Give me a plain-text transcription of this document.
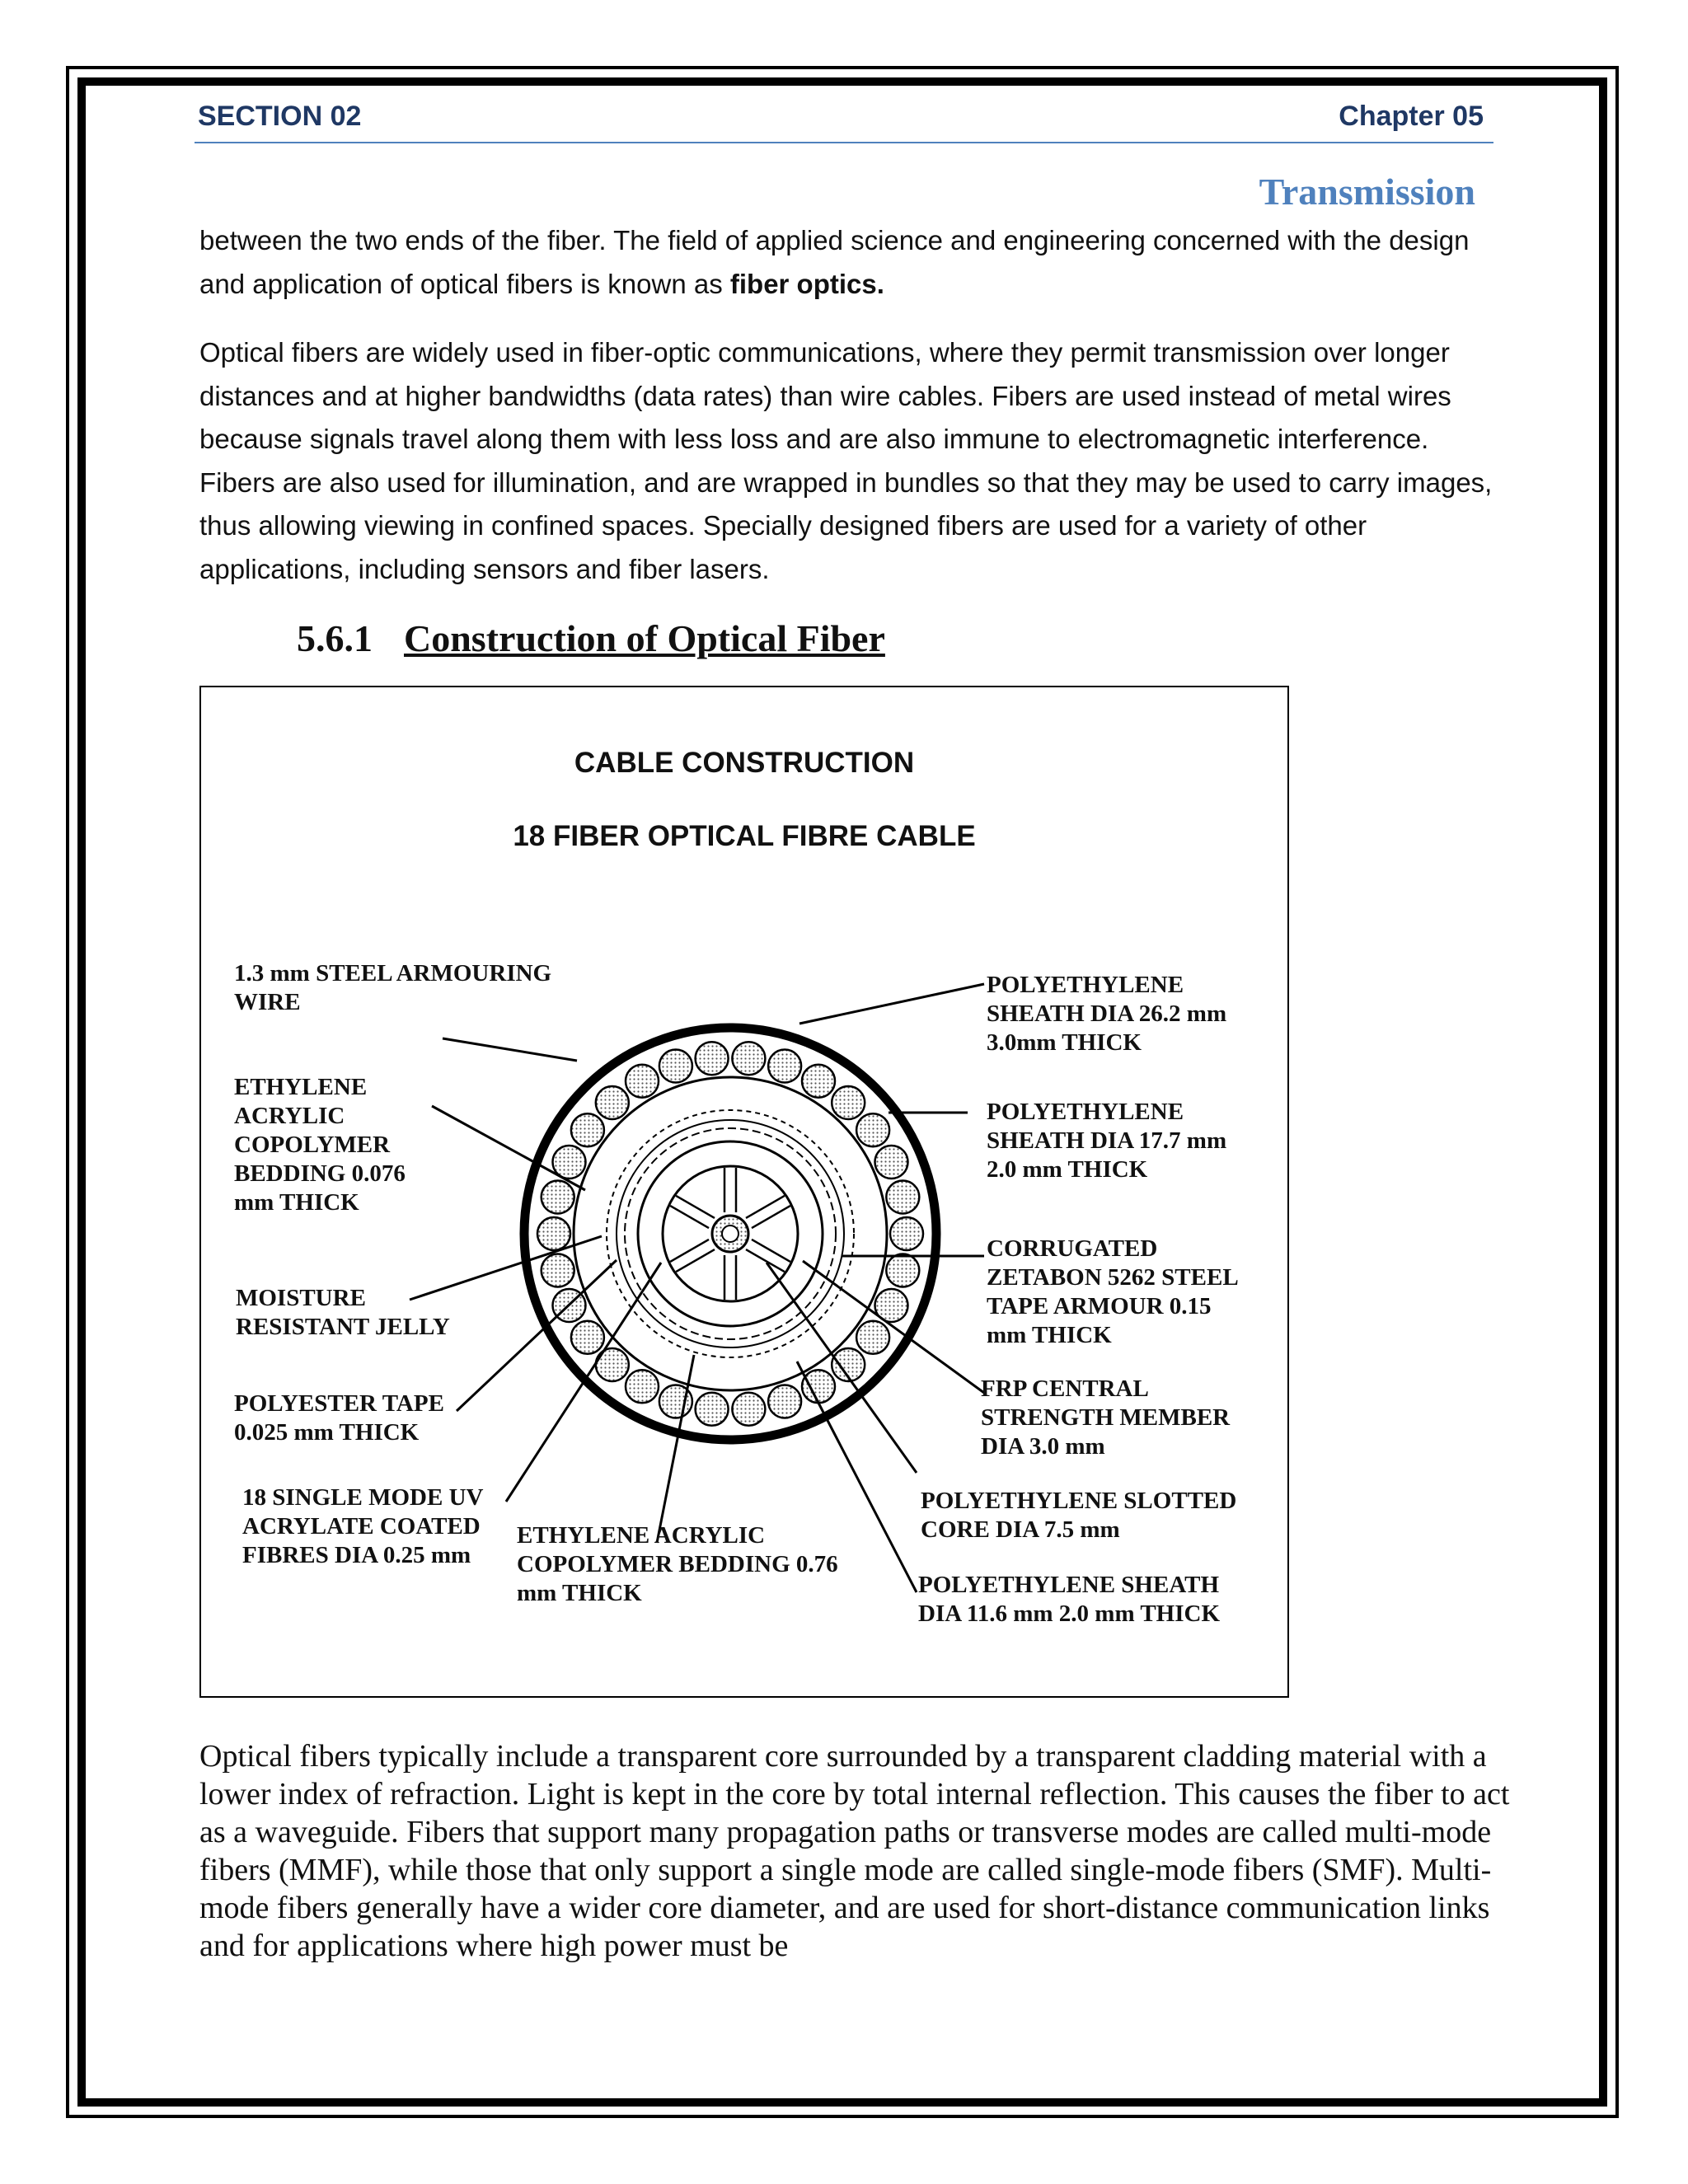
SECTION 02	Chapter 05
Transmission
between the two ends of the fiber. The field of applied science and engineering concerned with the design and application of optical fibers is known as fiber optics.
Optical fibers are widely used in fiber-optic communications, where they permit transmission over longer distances and at higher bandwidths (data rates) than wire cables. Fibers are used instead of metal wires because signals travel along them with less loss and are also immune to electromagnetic interference. Fibers are also used for illumination, and are wrapped in bundles so that they may be used to carry images, thus allowing viewing in confined spaces. Specially designed fibers are used for a variety of other applications, including sensors and fiber lasers.
5.6.1 Construction of Optical Fiber
CABLE CONSTRUCTION
18 FIBER OPTICAL FIBRE CABLE
1.3 mm STEEL ARMOURING
WIRE
ETHYLENE
ACRYLIC
COPOLYMER
BEDDING 0.076
mm THICK
MOISTURE
RESISTANT JELLY
POLYESTER TAPE
0.025 mm THICK
18 SINGLE MODE UV
ACRYLATE COATED
FIBRES DIA 0.25 mm
ETHYLENE ACRYLIC
COPOLYMER BEDDING 0.76
mm THICK
POLYETHYLENE
SHEATH DIA 26.2 mm
3.0mm THICK
POLYETHYLENE
SHEATH DIA 17.7 mm
2.0 mm THICK
CORRUGATED
ZETABON 5262 STEEL
TAPE ARMOUR 0.15
mm THICK
FRP CENTRAL
STRENGTH MEMBER
DIA 3.0 mm
POLYETHYLENE SLOTTED
CORE DIA 7.5 mm
POLYETHYLENE SHEATH
DIA 11.6 mm 2.0 mm THICK
Optical fibers typically include a transparent core surrounded by a transparent cladding material with a lower index of refraction. Light is kept in the core by total internal reflection. This causes the fiber to act as a waveguide. Fibers that support many propagation paths or transverse modes are called multi-mode fibers (MMF), while those that only support a single mode are called single-mode fibers (SMF). Multi-mode fibers generally have a wider core diameter, and are used for short-distance communication links and for applications where high power must be
